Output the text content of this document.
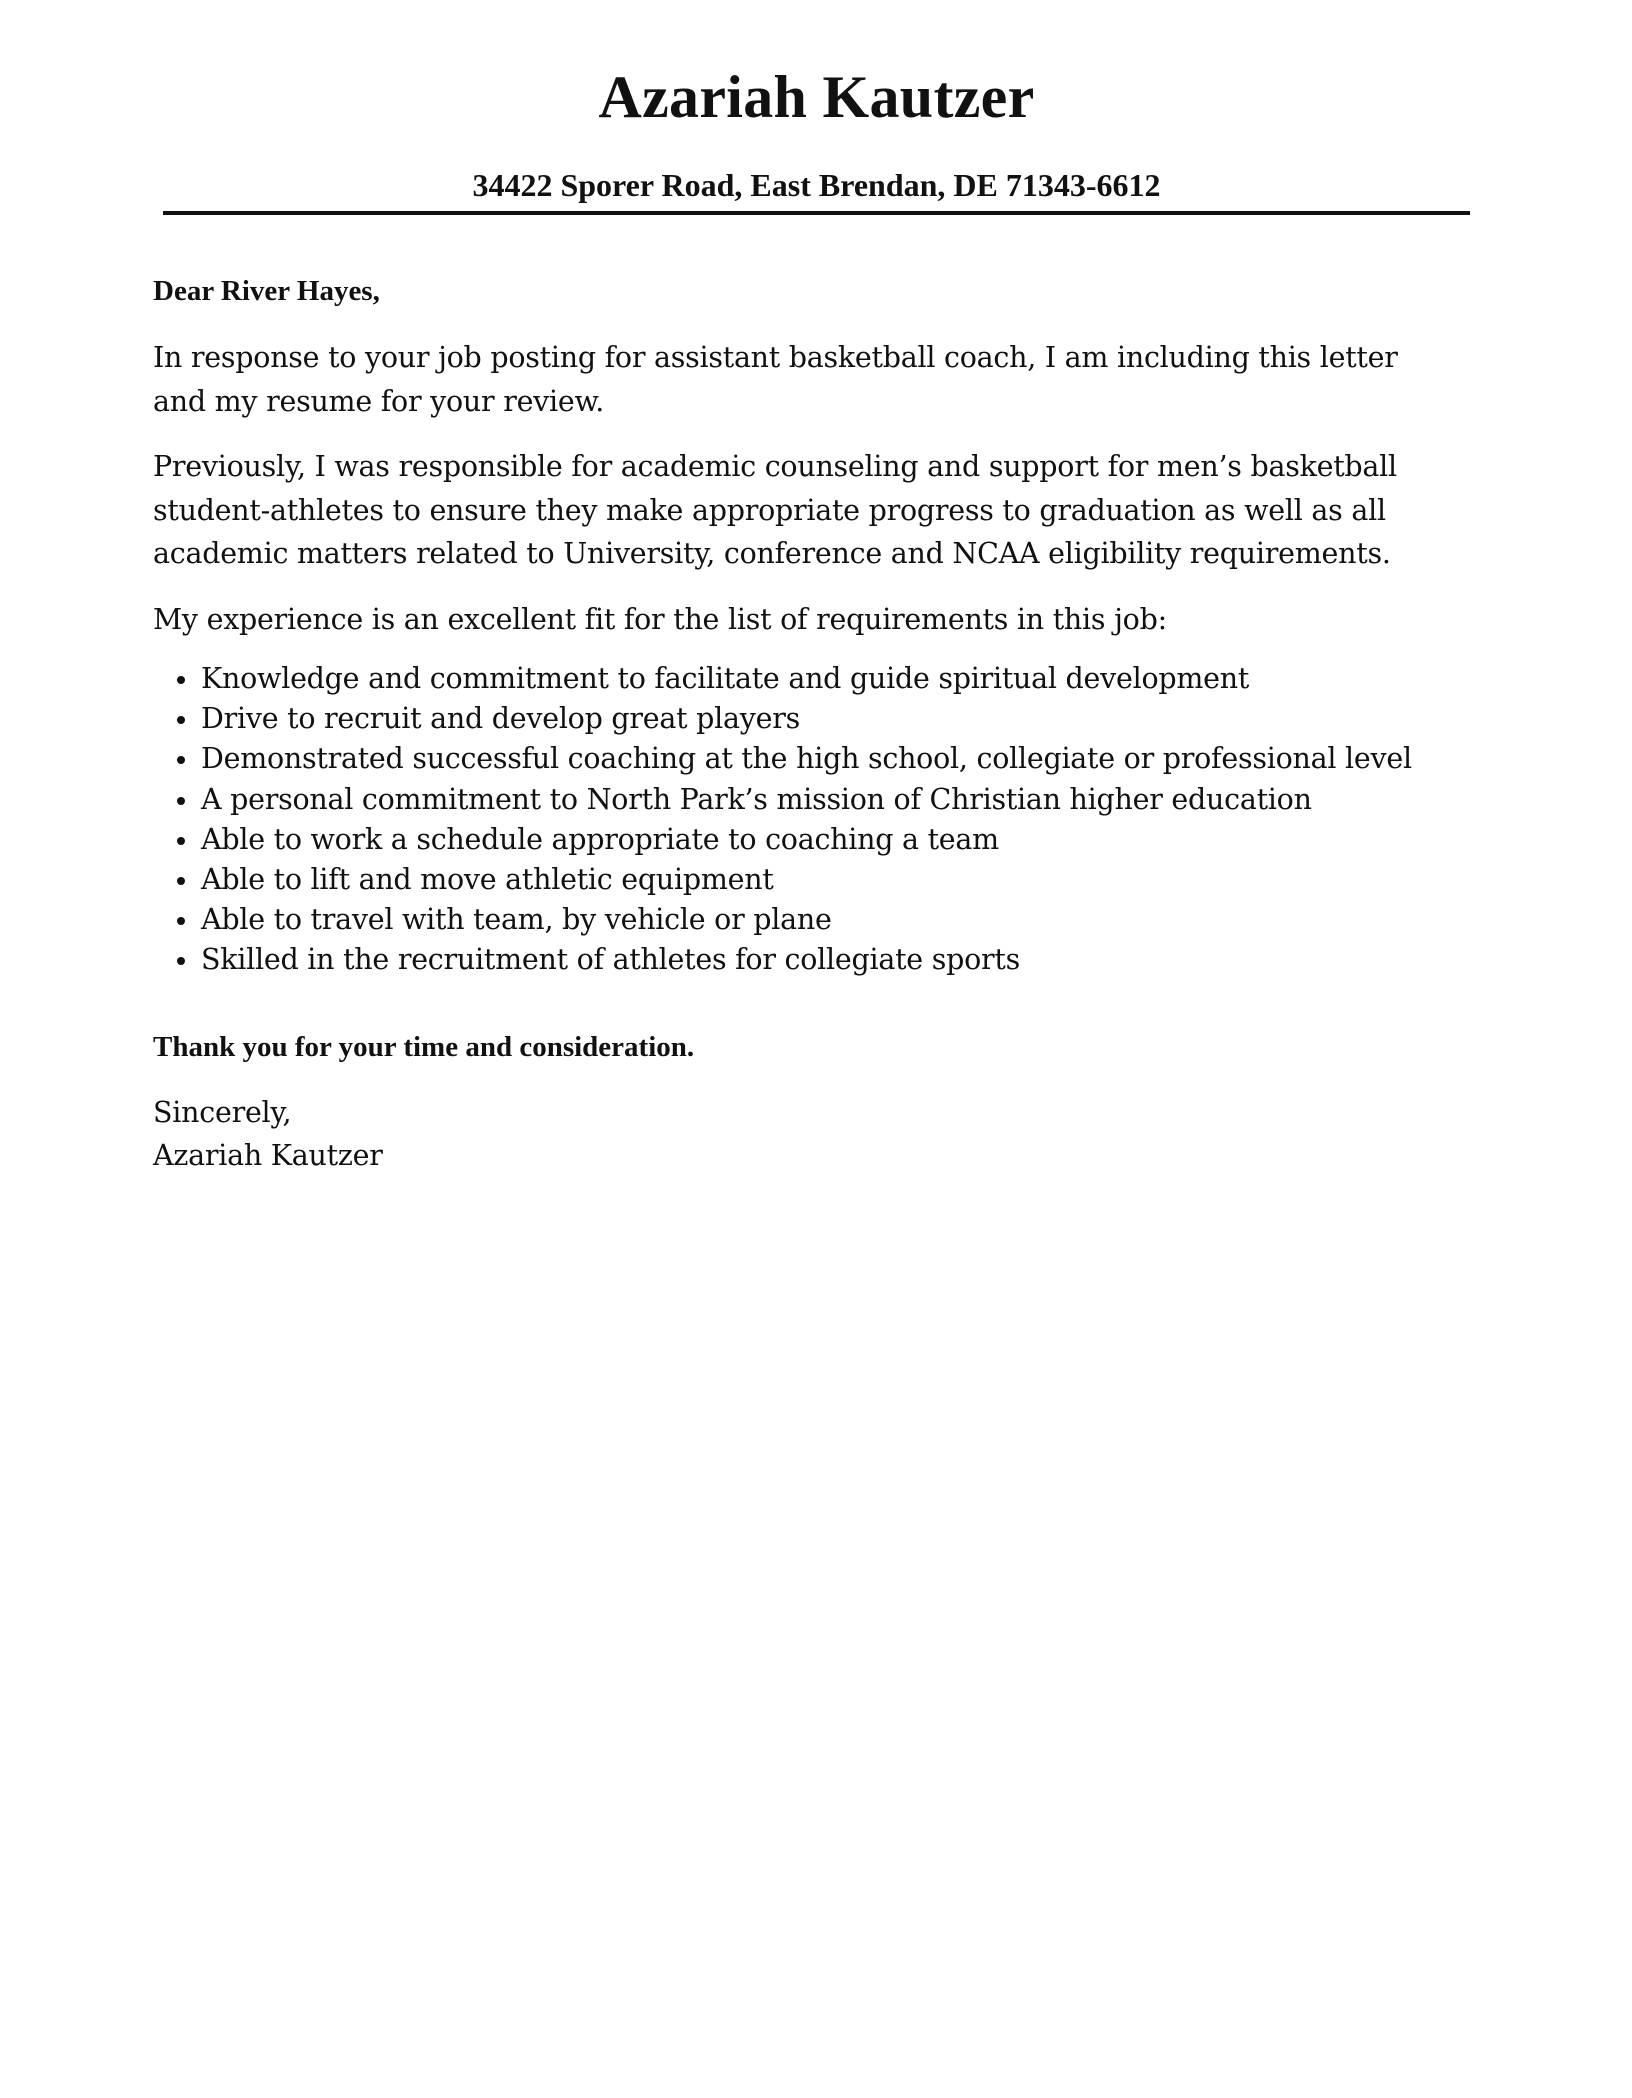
Azariah Kautzer
34422 Sporer Road, East Brendan, DE 71343-6612

Dear River Hayes,

In response to your job posting for assistant basketball coach, I am including this letter and my resume for your review.

Previously, I was responsible for academic counseling and support for men’s basketball student-athletes to ensure they make appropriate progress to graduation as well as all academic matters related to University, conference and NCAA eligibility requirements.

My experience is an excellent fit for the list of requirements in this job:

Knowledge and commitment to facilitate and guide spiritual development
Drive to recruit and develop great players
Demonstrated successful coaching at the high school, collegiate or professional level
A personal commitment to North Park’s mission of Christian higher education
Able to work a schedule appropriate to coaching a team
Able to lift and move athletic equipment
Able to travel with team, by vehicle or plane
Skilled in the recruitment of athletes for collegiate sports

Thank you for your time and consideration.

Sincerely,
Azariah Kautzer
